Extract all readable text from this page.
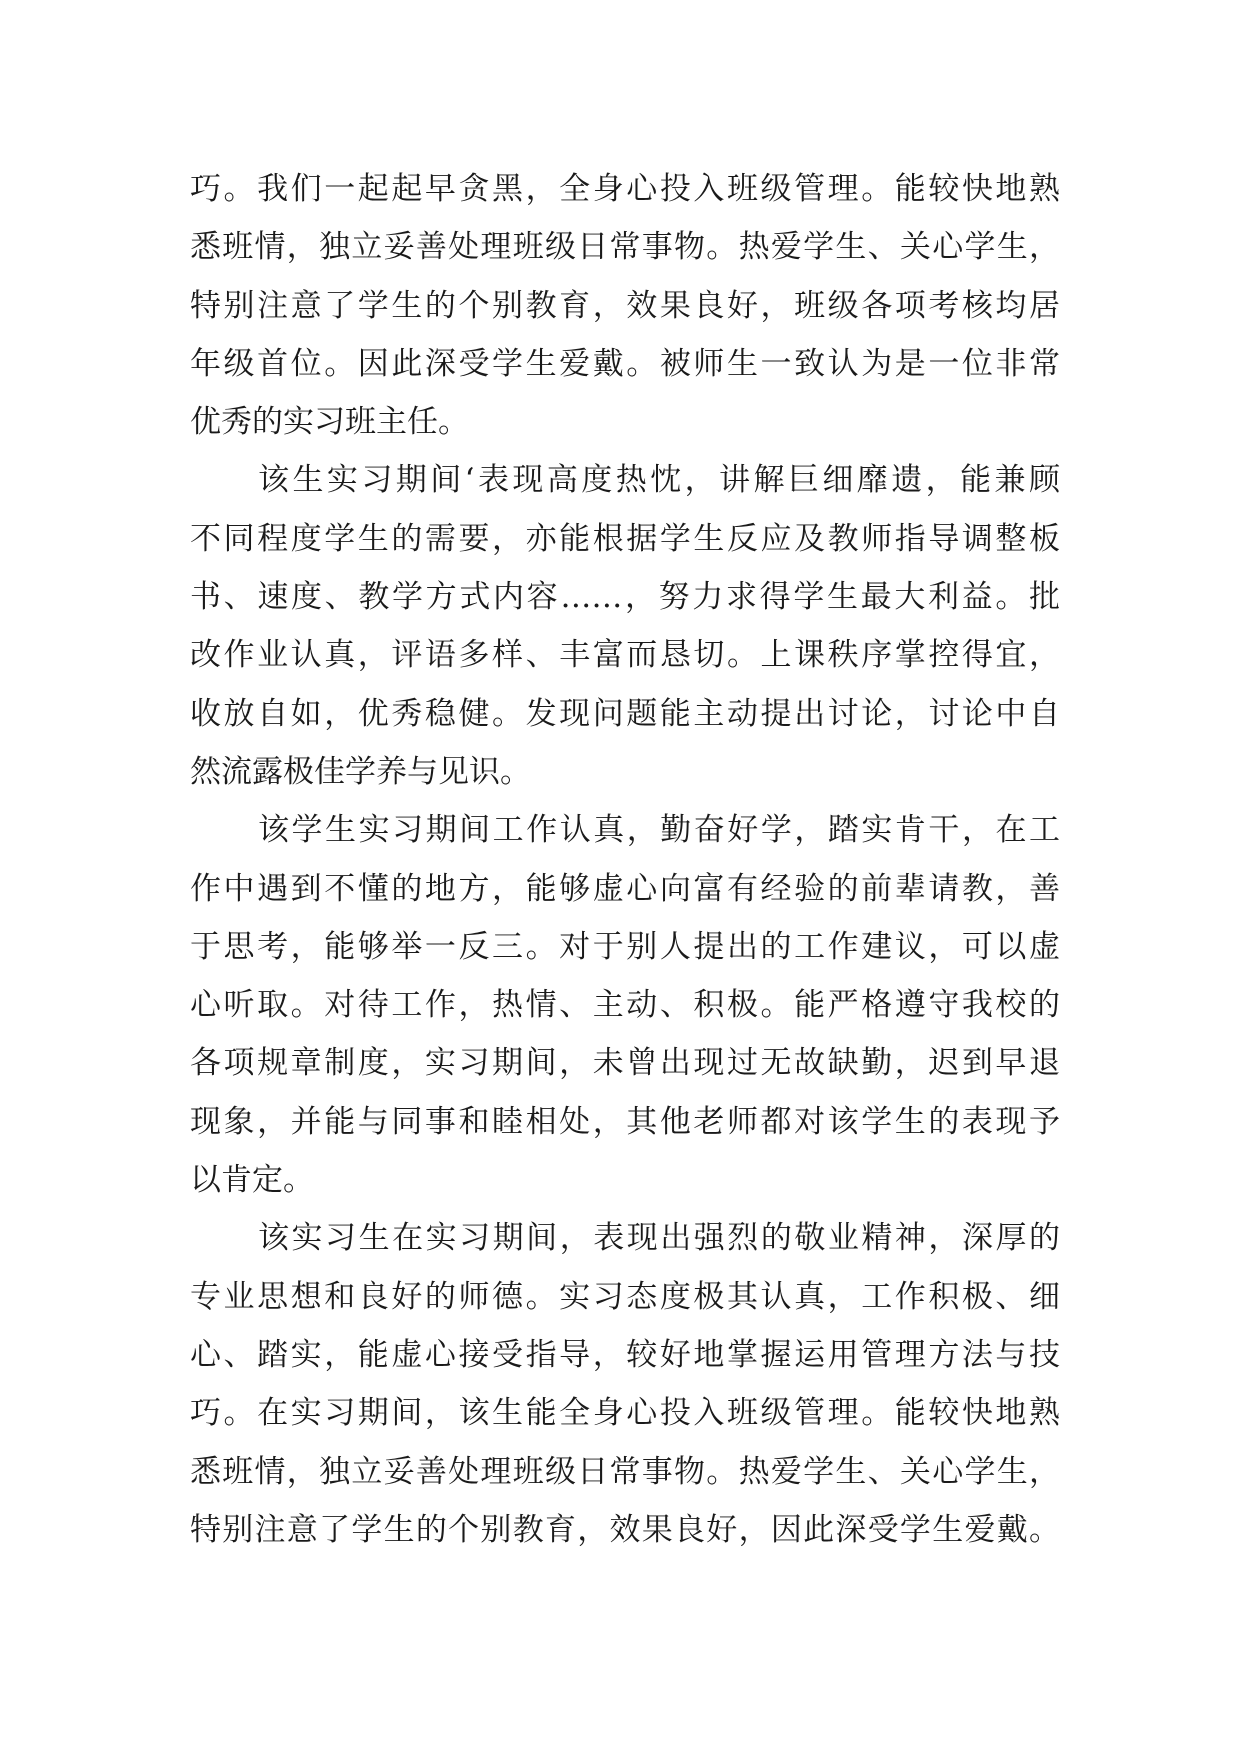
巧。我们一起起早贪黑，全身心投入班级管理。能较快地熟
悉班情，独立妥善处理班级日常事物。热爱学生、关心学生，
特别注意了学生的个别教育，效果良好，班级各项考核均居
年级首位。因此深受学生爱戴。被师生一致认为是一位非常
优秀的实习班主任。
该生实习期间‘表现高度热忱，讲解巨细靡遗，能兼顾
不同程度学生的需要，亦能根据学生反应及教师指导调整板
书、速度、教学方式内容……，努力求得学生最大利益。批
改作业认真，评语多样、丰富而恳切。上课秩序掌控得宜，
收放自如，优秀稳健。发现问题能主动提出讨论，讨论中自
然流露极佳学养与见识。
该学生实习期间工作认真，勤奋好学，踏实肯干，在工
作中遇到不懂的地方，能够虚心向富有经验的前辈请教，善
于思考，能够举一反三。对于别人提出的工作建议，可以虚
心听取。对待工作，热情、主动、积极。能严格遵守我校的
各项规章制度，实习期间，未曾出现过无故缺勤，迟到早退
现象，并能与同事和睦相处，其他老师都对该学生的表现予
以肯定。
该实习生在实习期间，表现出强烈的敬业精神，深厚的
专业思想和良好的师德。实习态度极其认真，工作积极、细
心、踏实，能虚心接受指导，较好地掌握运用管理方法与技
巧。在实习期间，该生能全身心投入班级管理。能较快地熟
悉班情，独立妥善处理班级日常事物。热爱学生、关心学生，
特别注意了学生的个别教育，效果良好，因此深受学生爱戴。
